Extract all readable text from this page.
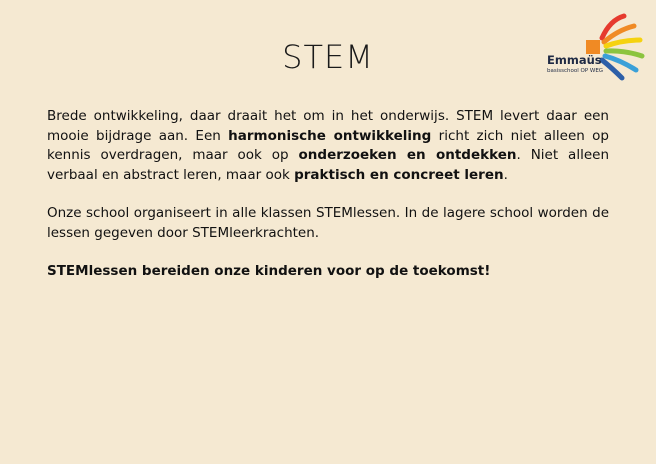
STEM	Emmaüs
basisschool OP WEG

Brede ontwikkeling, daar draait het om in het onderwijs. STEM levert daar een mooie bijdrage aan. Een harmonische ontwikkeling richt zich niet alleen op kennis overdragen, maar ook op onderzoeken en ontdekken. Niet alleen verbaal en abstract leren, maar ook praktisch en concreet leren.

Onze school organiseert in alle klassen STEMlessen. In de lagere school worden de lessen gegeven door STEMleerkrachten.

STEMlessen bereiden onze kinderen voor op de toekomst!
